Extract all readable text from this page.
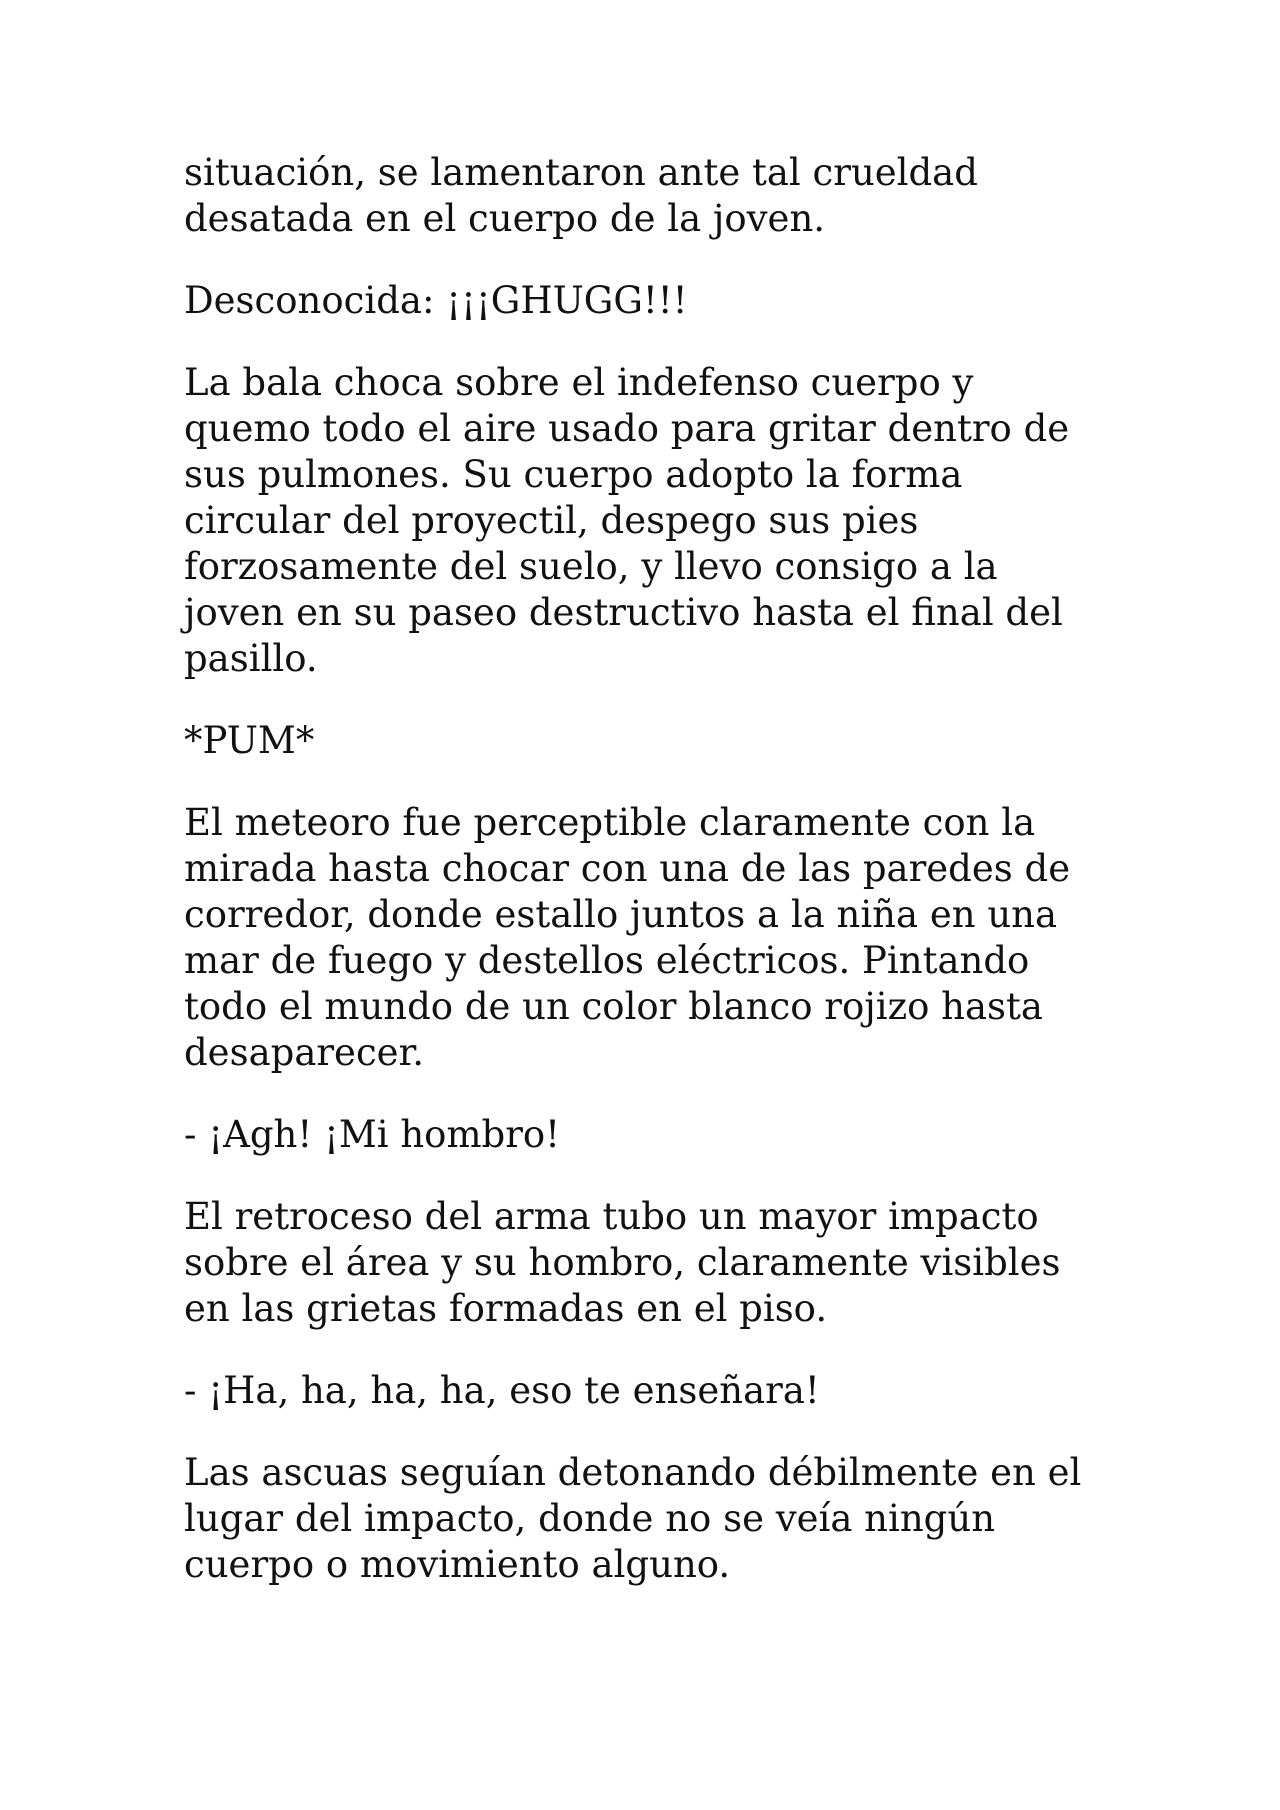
situación, se lamentaron ante tal crueldad
desatada en el cuerpo de la joven.
Desconocida: ¡¡¡GHUGG!!!
La bala choca sobre el indefenso cuerpo y
quemo todo el aire usado para gritar dentro de
sus pulmones. Su cuerpo adopto la forma
circular del proyectil, despego sus pies
forzosamente del suelo, y llevo consigo a la
joven en su paseo destructivo hasta el final del
pasillo.
*PUM*
El meteoro fue perceptible claramente con la
mirada hasta chocar con una de las paredes de
corredor, donde estallo juntos a la niña en una
mar de fuego y destellos eléctricos. Pintando
todo el mundo de un color blanco rojizo hasta
desaparecer.
- ¡Agh! ¡Mi hombro!
El retroceso del arma tubo un mayor impacto
sobre el área y su hombro, claramente visibles
en las grietas formadas en el piso.
- ¡Ha, ha, ha, ha, eso te enseñara!
Las ascuas seguían detonando débilmente en el
lugar del impacto, donde no se veía ningún
cuerpo o movimiento alguno.
